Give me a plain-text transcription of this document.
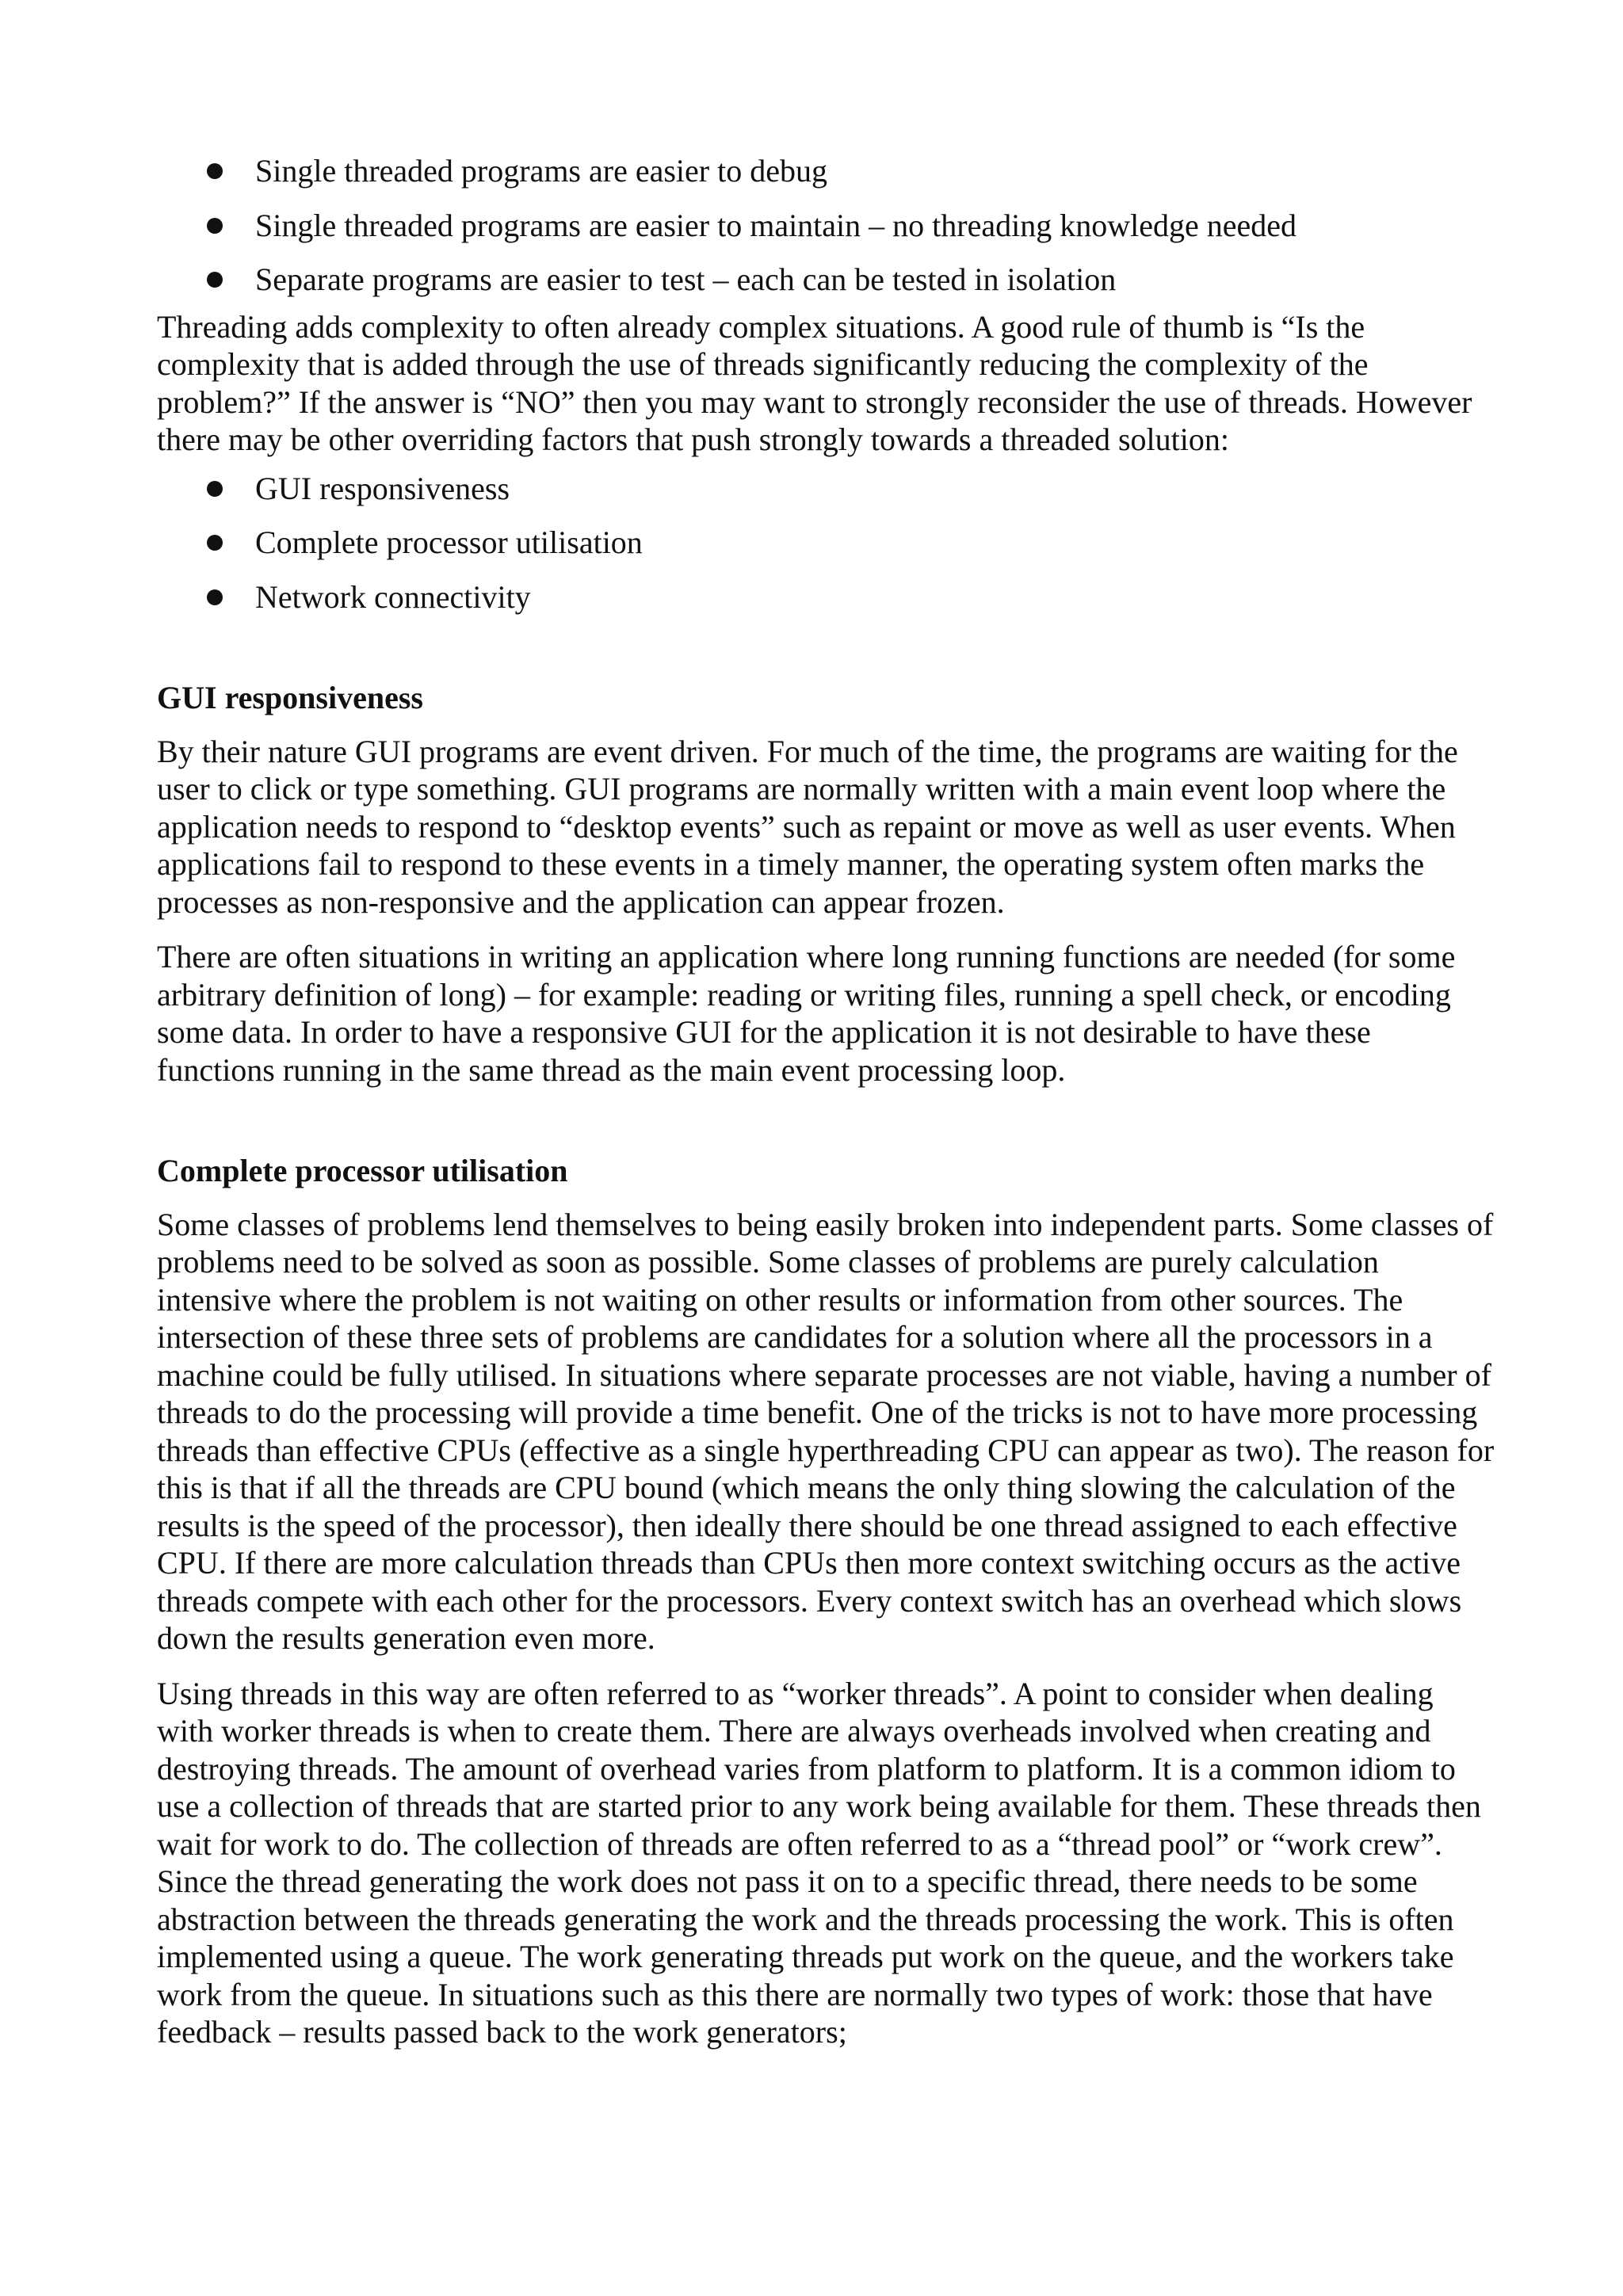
Single threaded programs are easier to debug
Single threaded programs are easier to maintain – no threading knowledge needed
Separate programs are easier to test – each can be tested in isolation

Threading adds complexity to often already complex situations. A good rule of thumb is “Is the complexity that is added through the use of threads significantly reducing the complexity of the problem?” If the answer is “NO” then you may want to strongly reconsider the use of threads. However there may be other overriding factors that push strongly towards a threaded solution:

GUI responsiveness
Complete processor utilisation
Network connectivity
GUI responsiveness

By their nature GUI programs are event driven. For much of the time, the programs are waiting for the user to click or type something. GUI programs are normally written with a main event loop where the application needs to respond to “desktop events” such as repaint or move as well as user events. When applications fail to respond to these events in a timely manner, the operating system often marks the processes as non-responsive and the application can appear frozen.

There are often situations in writing an application where long running functions are needed (for some arbitrary definition of long) – for example: reading or writing files, running a spell check, or encoding some data. In order to have a responsive GUI for the application it is not desirable to have these functions running in the same thread as the main event processing loop.

Complete processor utilisation

Some classes of problems lend themselves to being easily broken into independent parts. Some classes of problems need to be solved as soon as possible. Some classes of problems are purely calculation intensive where the problem is not waiting on other results or information from other sources. The intersection of these three sets of problems are candidates for a solution where all the processors in a machine could be fully utilised. In situations where separate processes are not viable, having a number of threads to do the processing will provide a time benefit. One of the tricks is not to have more processing threads than effective CPUs (effective as a single hyperthreading CPU can appear as two). The reason for this is that if all the threads are CPU bound (which means the only thing slowing the calculation of the results is the speed of the processor), then ideally there should be one thread assigned to each effective CPU. If there are more calculation threads than CPUs then more context switching occurs as the active threads compete with each other for the processors. Every context switch has an overhead which slows down the results generation even more.

Using threads in this way are often referred to as “worker threads”. A point to consider when dealing with worker threads is when to create them. There are always overheads involved when creating and destroying threads. The amount of overhead varies from platform to platform. It is a common idiom to use a collection of threads that are started prior to any work being available for them. These threads then wait for work to do. The collection of threads are often referred to as a “thread pool” or “work crew”. Since the thread generating the work does not pass it on to a specific thread, there needs to be some abstraction between the threads generating the work and the threads processing the work. This is often implemented using a queue. The work generating threads put work on the queue, and the workers take work from the queue. In situations such as this there are normally two types of work: those that have feedback – results passed back to the work generators;
